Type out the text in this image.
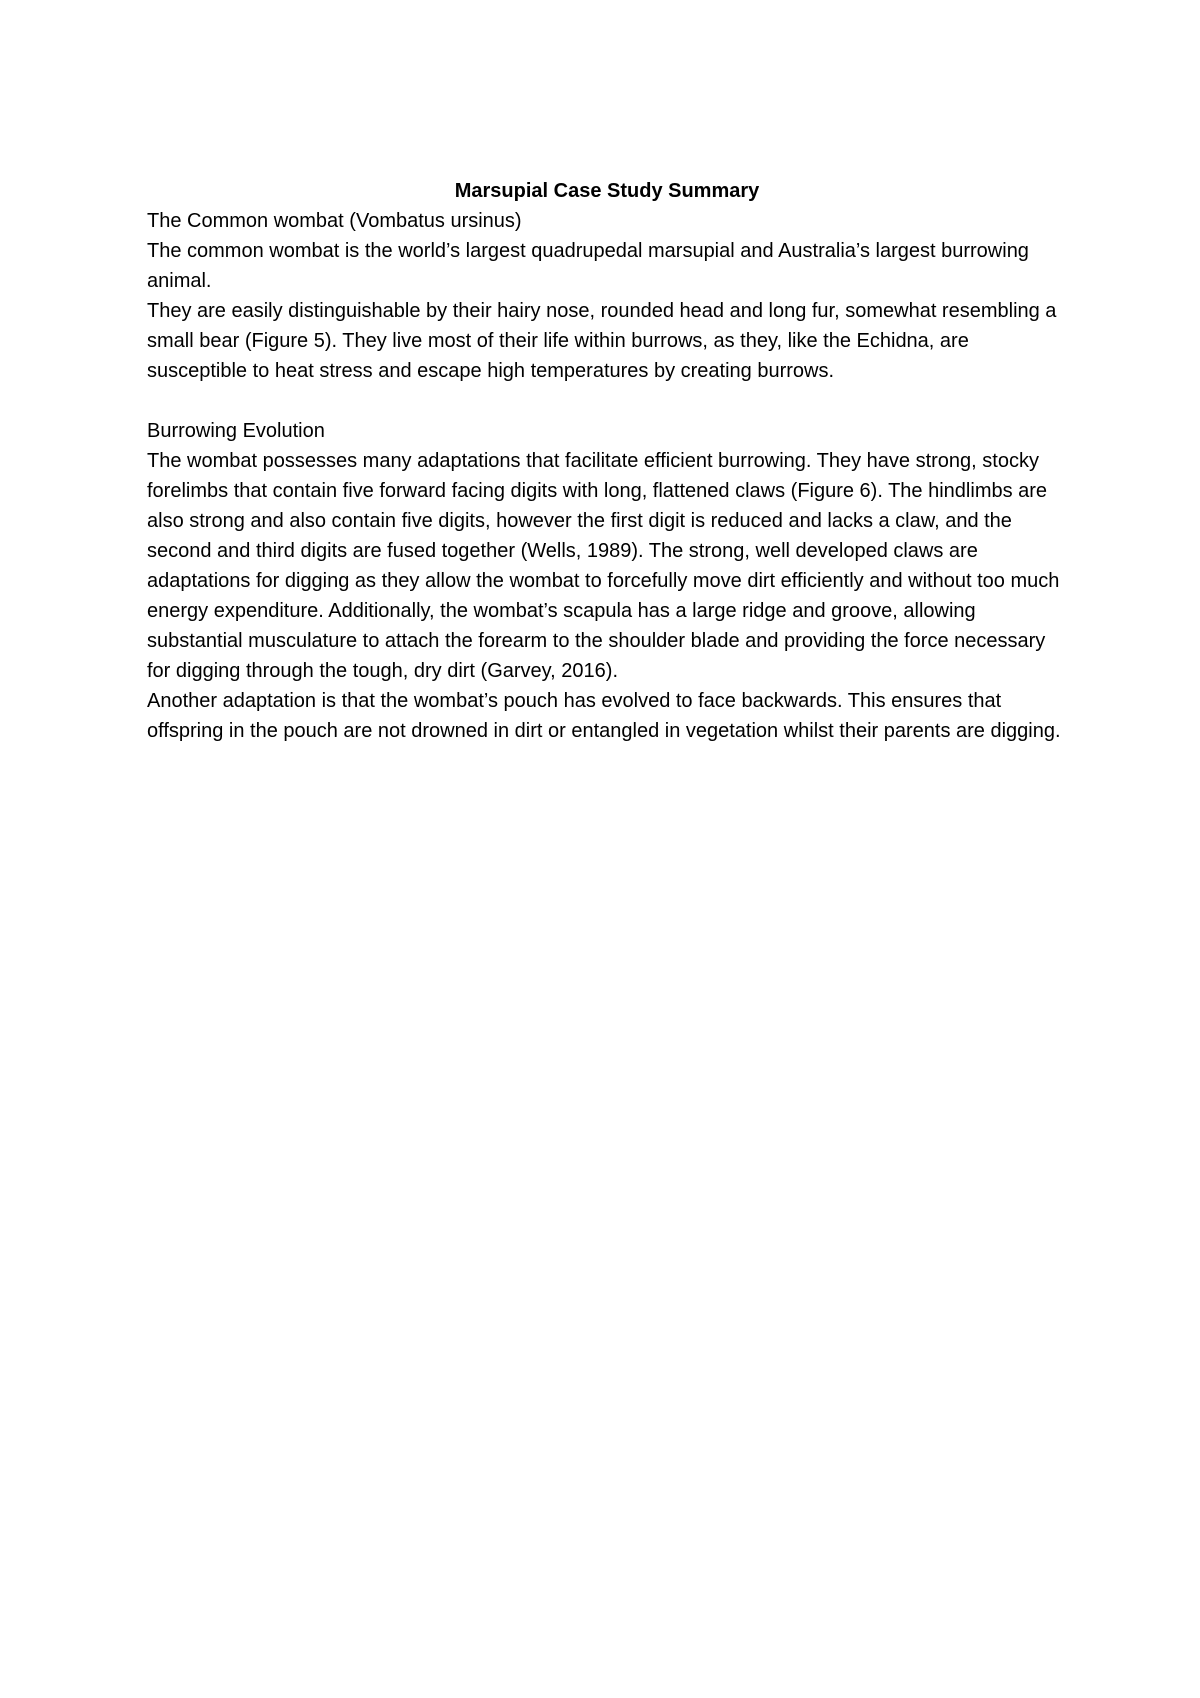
Marsupial Case Study Summary

The Common wombat (Vombatus ursinus)

The common wombat is the world’s largest quadrupedal marsupial and Australia’s largest burrowing animal.

They are easily distinguishable by their hairy nose, rounded head and long fur, somewhat resembling a small bear (Figure 5). They live most of their life within burrows, as they, like the Echidna, are susceptible to heat stress and escape high temperatures by creating burrows.

Burrowing Evolution

The wombat possesses many adaptations that facilitate efficient burrowing. They have strong, stocky forelimbs that contain five forward facing digits with long, flattened claws (Figure 6). The hindlimbs are also strong and also contain five digits, however the first digit is reduced and lacks a claw, and the second and third digits are fused together (Wells, 1989). The strong, well developed claws are adaptations for digging as they allow the wombat to forcefully move dirt efficiently and without too much energy expenditure. Additionally, the wombat’s scapula has a large ridge and groove, allowing substantial musculature to attach the forearm to the shoulder blade and providing the force necessary for digging through the tough, dry dirt (Garvey, 2016).

Another adaptation is that the wombat’s pouch has evolved to face backwards. This ensures that offspring in the pouch are not drowned in dirt or entangled in vegetation whilst their parents are digging.
